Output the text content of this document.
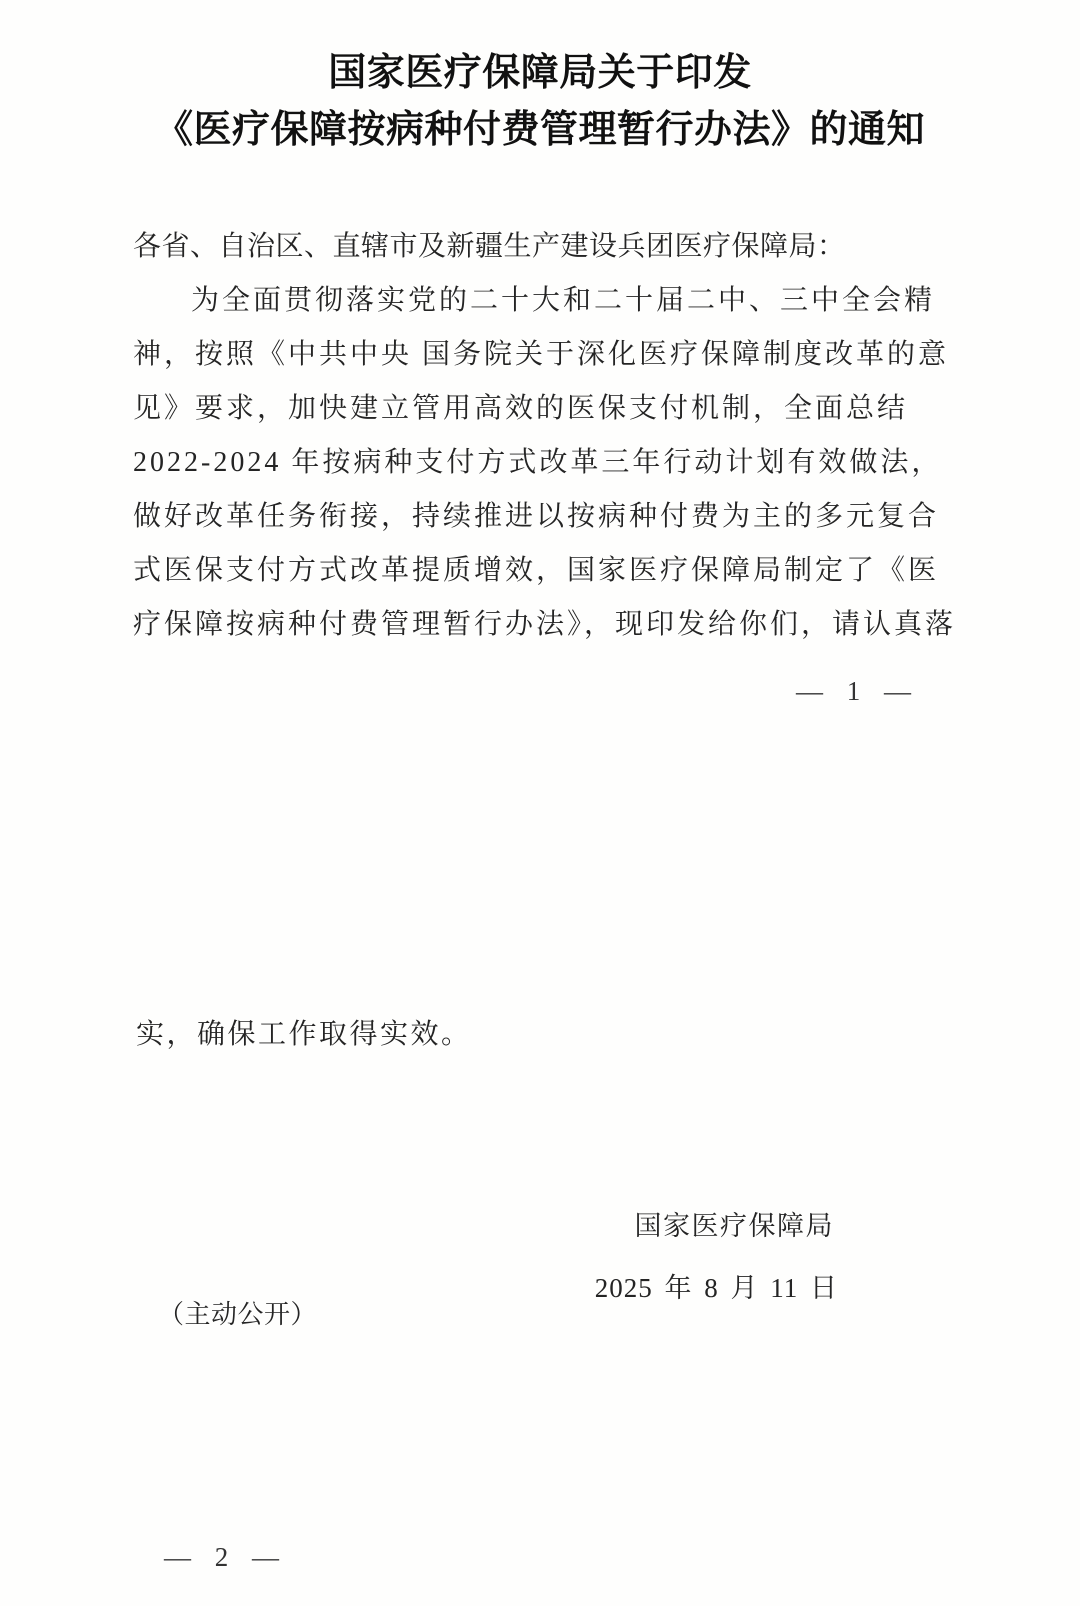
国家医疗保障局关于印发
《医疗保障按病种付费管理暂行办法》的通知
各省、自治区、直辖市及新疆生产建设兵团医疗保障局：
为全面贯彻落实党的二十大和二十届二中、三中全会精
神，按照《中共中央 国务院关于深化医疗保障制度改革的意
见》要求，加快建立管用高效的医保支付机制，全面总结
2022-2024 年按病种支付方式改革三年行动计划有效做法，
做好改革任务衔接，持续推进以按病种付费为主的多元复合
式医保支付方式改革提质增效，国家医疗保障局制定了《医
疗保障按病种付费管理暂行办法》，现印发给你们，请认真落
— 1 —
实，确保工作取得实效。
国家医疗保障局
2025 年 8 月 11 日
（主动公开）
— 2 —
